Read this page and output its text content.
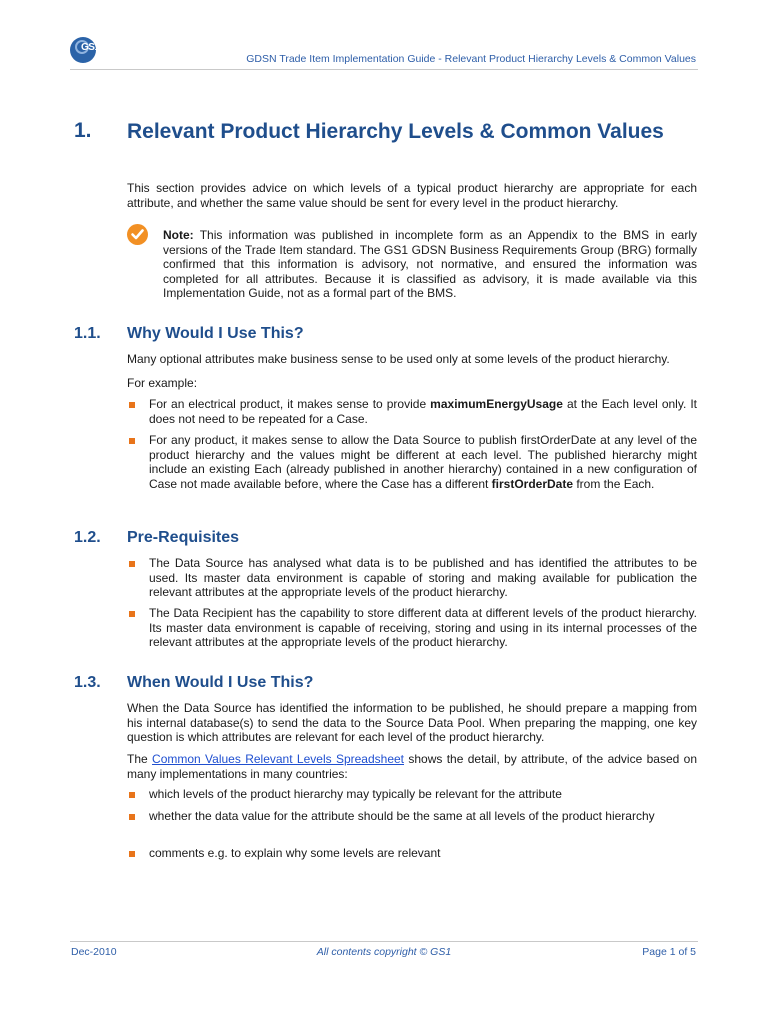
GS1
GDSN Trade Item Implementation Guide - Relevant Product Hierarchy Levels & Common Values
1. Relevant Product Hierarchy Levels & Common Values
This section provides advice on which levels of a typical product hierarchy are appropriate for each attribute, and whether the same value should be sent for every level in the product hierarchy.
Note: This information was published in incomplete form as an Appendix to the BMS in early versions of the Trade Item standard. The GS1 GDSN Business Requirements Group (BRG) formally confirmed that this information is advisory, not normative, and ensured the information was completed for all attributes. Because it is classified as advisory, it is made available via this Implementation Guide, not as a formal part of the BMS.
1.1. Why Would I Use This?
Many optional attributes make business sense to be used only at some levels of the product hierarchy.
For example:
For an electrical product, it makes sense to provide maximumEnergyUsage at the Each level only. It does not need to be repeated for a Case.
For any product, it makes sense to allow the Data Source to publish firstOrderDate at any level of the product hierarchy and the values might be different at each level. The published hierarchy might include an existing Each (already published in another hierarchy) contained in a new configuration of Case not made available before, where the Case has a different firstOrderDate from the Each.
1.2. Pre-Requisites
The Data Source has analysed what data is to be published and has identified the attributes to be used. Its master data environment is capable of storing and making available for publication the relevant attributes at the appropriate levels of the product hierarchy.
The Data Recipient has the capability to store different data at different levels of the product hierarchy. Its master data environment is capable of receiving, storing and using in its internal processes of the relevant attributes at the appropriate levels of the product hierarchy.
1.3. When Would I Use This?
When the Data Source has identified the information to be published, he should prepare a mapping from his internal database(s) to send the data to the Source Data Pool. When preparing the mapping, one key question is which attributes are relevant for each level of the product hierarchy.
The Common Values Relevant Levels Spreadsheet shows the detail, by attribute, of the advice based on many implementations in many countries:
which levels of the product hierarchy may typically be relevant for the attribute
whether the data value for the attribute should be the same at all levels of the product hierarchy
comments e.g. to explain why some levels are relevant
Dec-2010	All contents copyright © GS1	Page 1 of 5
